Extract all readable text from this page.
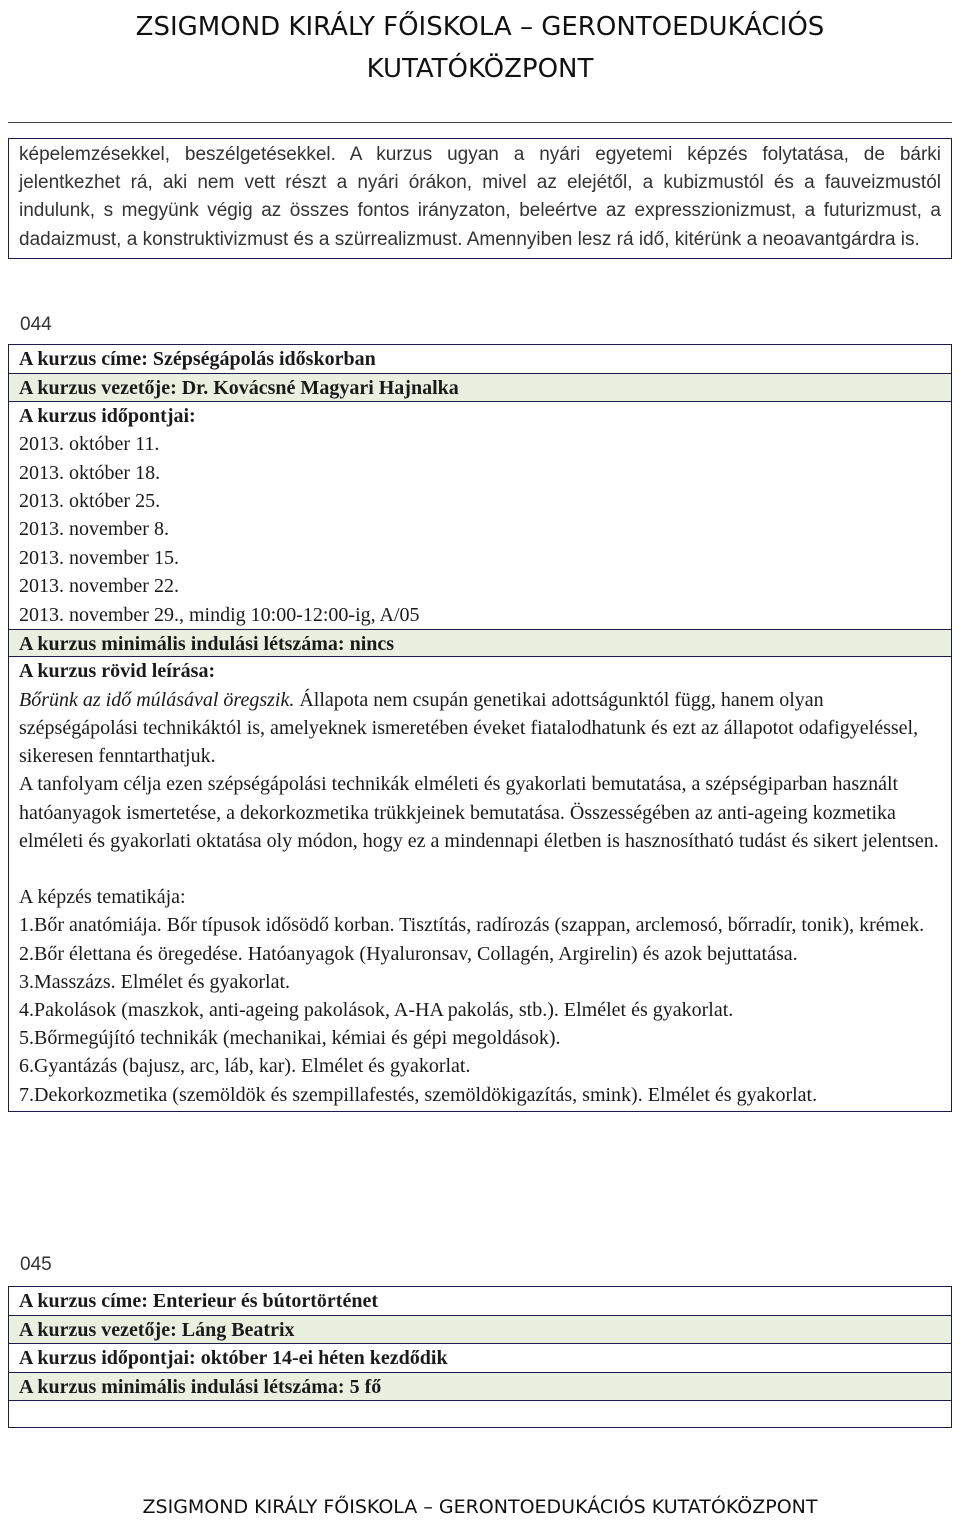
ZSIGMOND KIRÁLY FŐISKOLA – GERONTOEDUKÁCIÓS
KUTATÓKÖZPONT

képelemzésekkel, beszélgetésekkel. A kurzus ugyan a nyári egyetemi képzés folytatása, de bárki jelentkezhet rá, aki nem vett részt a nyári órákon, mivel az elejétől, a kubizmustól és a fauveizmustól indulunk, s megyünk végig az összes fontos irányzaton, beleértve az expresszionizmust, a futurizmust, a dadaizmust, a konstruktivizmust és a szürrealizmust. Amennyiben lesz rá idő, kitérünk a neoavantgárdra is.

044
A kurzus címe: Szépségápolás időskorban
A kurzus vezetője: Dr. Kovácsné Magyari Hajnalka
A kurzus időpontjai:
2013. október 11.
2013. október 18.
2013. október 25.
2013. november 8.
2013. november 15.
2013. november 22.
2013. november 29., mindig 10:00-12:00-ig, A/05
A kurzus minimális indulási létszáma: nincs
A kurzus rövid leírása:

Bőrünk az idő múlásával öregszik. Állapota nem csupán genetikai adottságunktól függ, hanem olyan szépségápolási technikáktól is, amelyeknek ismeretében éveket fiatalodhatunk és ezt az állapotot odafigyeléssel, sikeresen fenntarthatjuk.

A tanfolyam célja ezen szépségápolási technikák elméleti és gyakorlati bemutatása, a szépségiparban használt hatóanyagok ismertetése, a dekorkozmetika trükkjeinek bemutatása. Összességében az anti-ageing kozmetika elméleti és gyakorlati oktatása oly módon, hogy ez a mindennapi életben is hasznosítható tudást és sikert jelentsen.

A képzés tematikája:

1.Bőr anatómiája. Bőr típusok idősödő korban. Tisztítás, radírozás (szappan, arclemosó, bőrradír, tonik), krémek.

2.Bőr élettana és öregedése. Hatóanyagok (Hyaluronsav, Collagén, Argirelin) és azok bejuttatása.

3.Masszázs. Elmélet és gyakorlat.

4.Pakolások (maszkok, anti-ageing pakolások, A-HA pakolás, stb.). Elmélet és gyakorlat.

5.Bőrmegújító technikák (mechanikai, kémiai és gépi megoldások).

6.Gyantázás (bajusz, arc, láb, kar). Elmélet és gyakorlat.

7.Dekorkozmetika (szemöldök és szempillafestés, szemöldökigazítás, smink). Elmélet és gyakorlat.

045
A kurzus címe: Enterieur és bútortörténet
A kurzus vezetője: Láng Beatrix
A kurzus időpontjai: október 14-ei héten kezdődik
A kurzus minimális indulási létszáma: 5 fő
ZSIGMOND KIRÁLY FŐISKOLA – GERONTOEDUKÁCIÓS KUTATÓKÖZPONT
